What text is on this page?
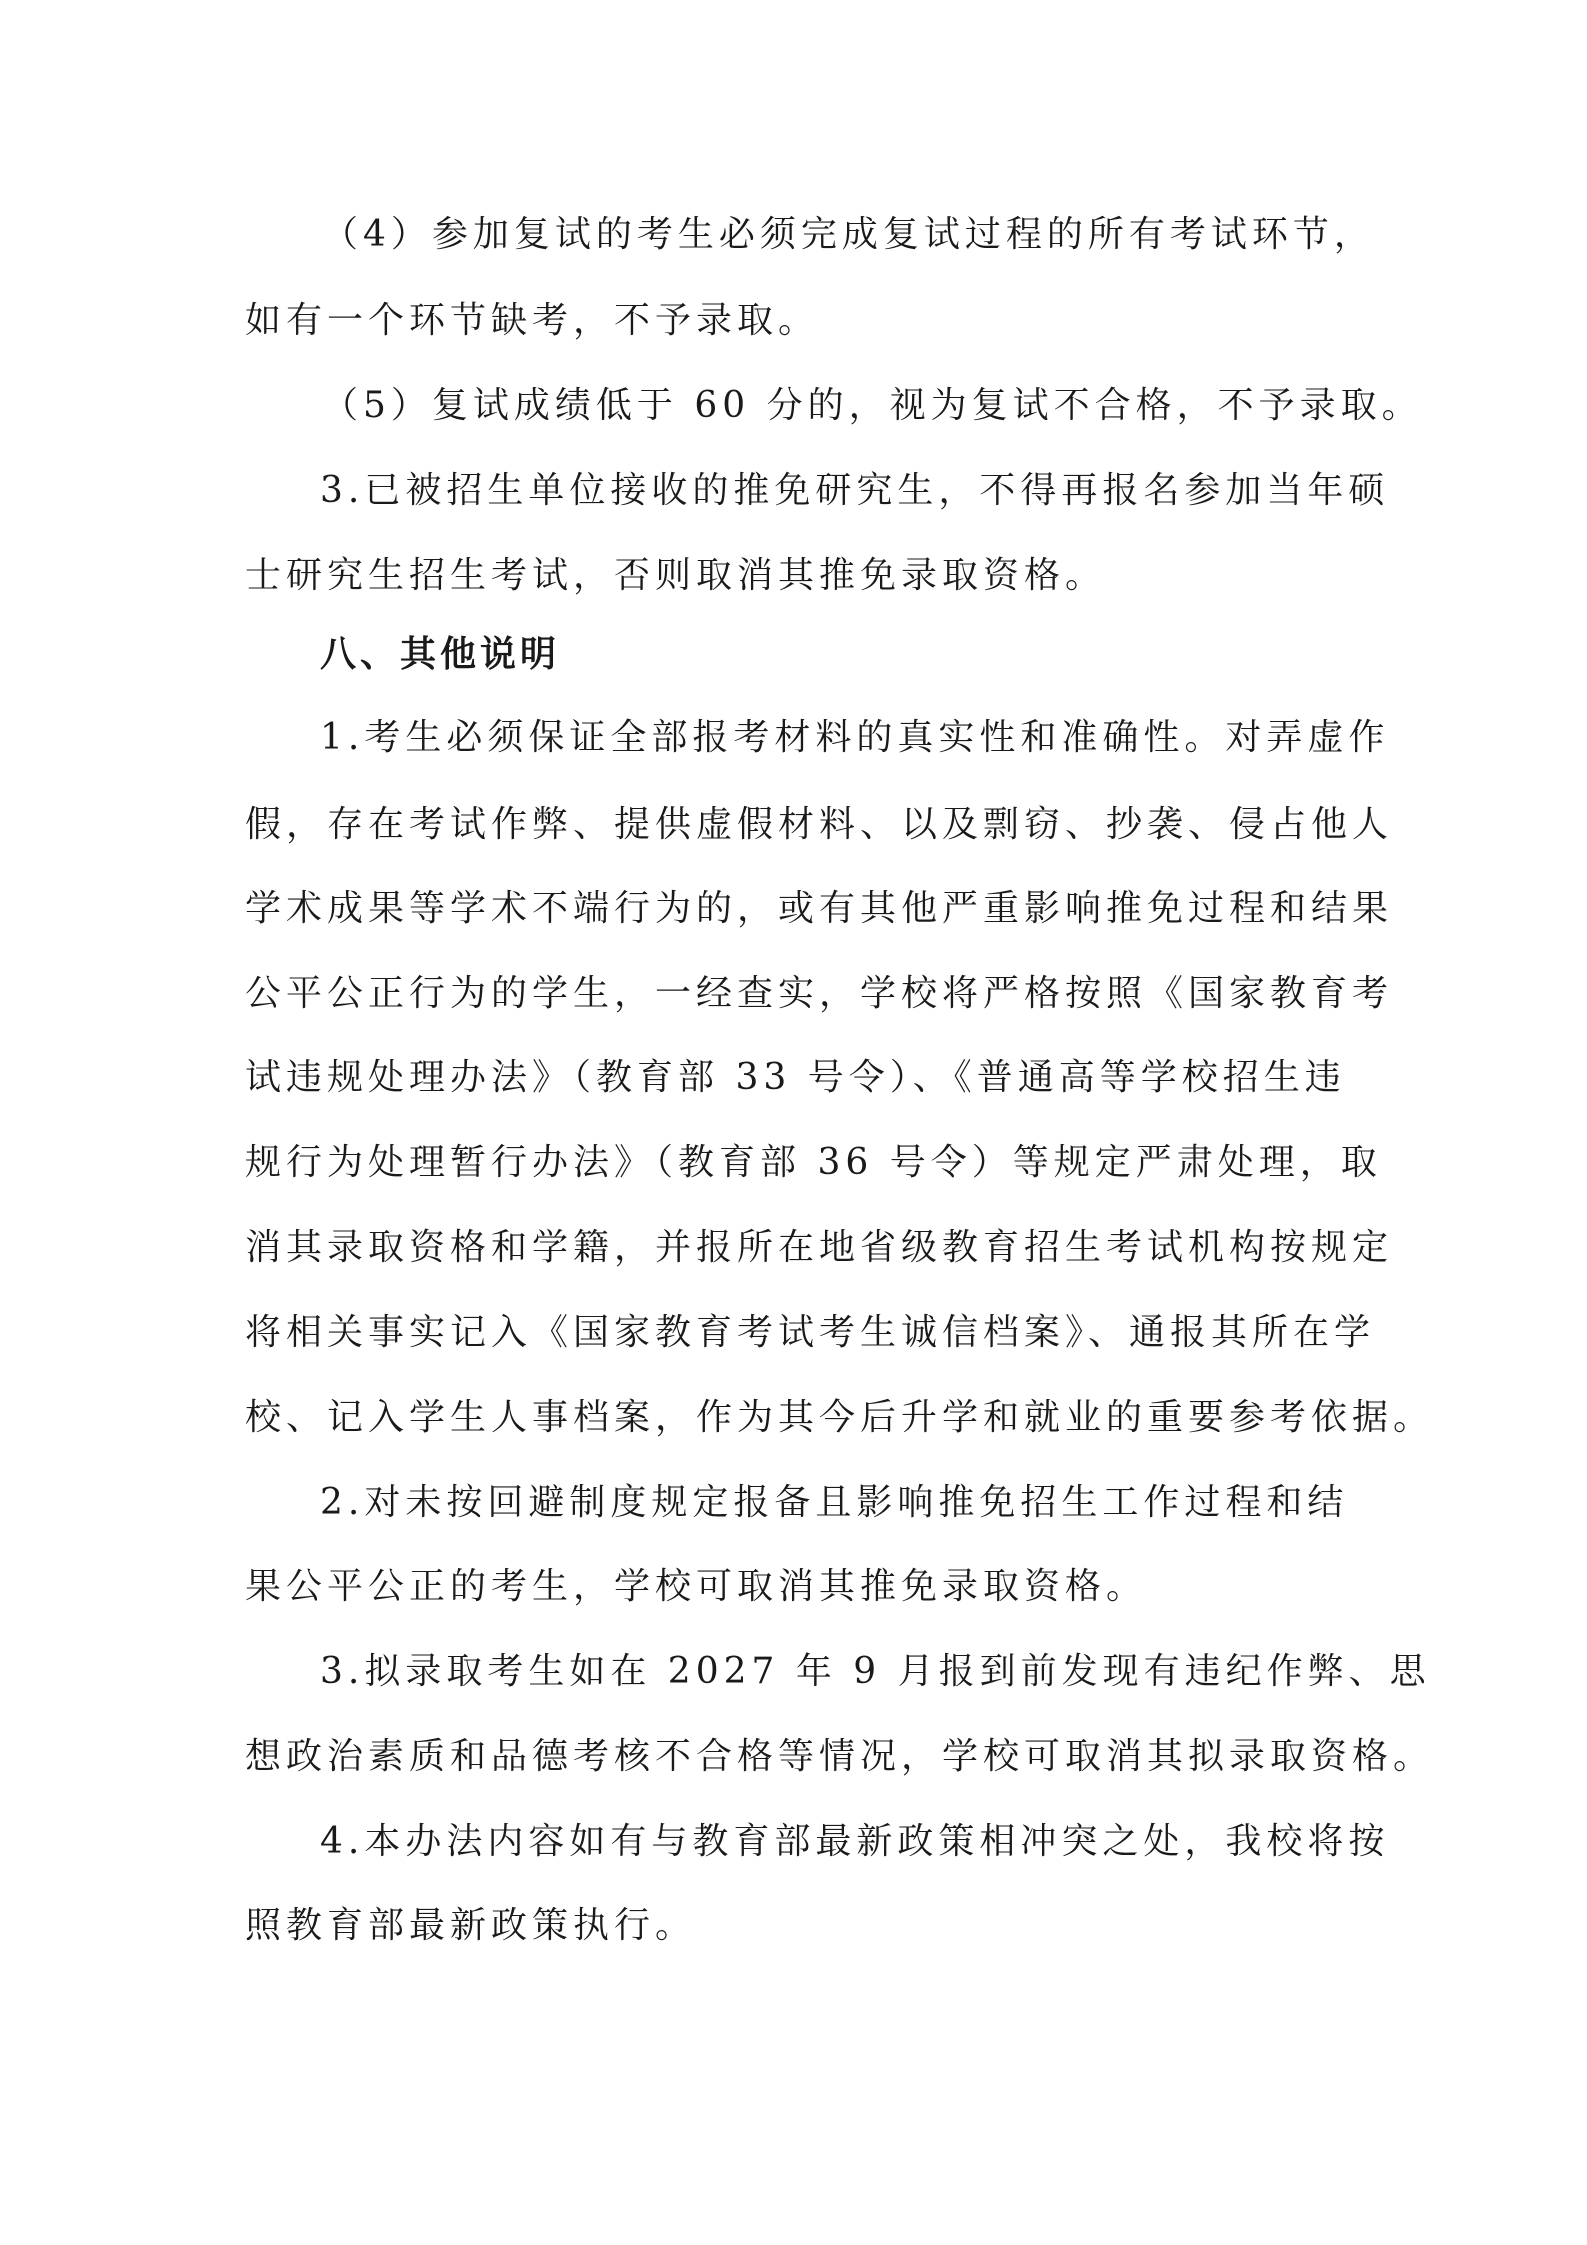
（4）参加复试的考生必须完成复试过程的所有考试环节，
如有一个环节缺考，不予录取。
（5）复试成绩低于 60 分的，视为复试不合格，不予录取。
3.已被招生单位接收的推免研究生，不得再报名参加当年硕
士研究生招生考试，否则取消其推免录取资格。
八、其他说明
1.考生必须保证全部报考材料的真实性和准确性。对弄虚作
假，存在考试作弊、提供虚假材料、以及剽窃、抄袭、侵占他人
学术成果等学术不端行为的，或有其他严重影响推免过程和结果
公平公正行为的学生，一经查实，学校将严格按照《国家教育考
试违规处理办法》（教育部 33 号令）、《普通高等学校招生违
规行为处理暂行办法》（教育部 36 号令）等规定严肃处理，取
消其录取资格和学籍，并报所在地省级教育招生考试机构按规定
将相关事实记入《国家教育考试考生诚信档案》、通报其所在学
校、记入学生人事档案，作为其今后升学和就业的重要参考依据。
2.对未按回避制度规定报备且影响推免招生工作过程和结
果公平公正的考生，学校可取消其推免录取资格。
3.拟录取考生如在 2027 年 9 月报到前发现有违纪作弊、思
想政治素质和品德考核不合格等情况，学校可取消其拟录取资格。
4.本办法内容如有与教育部最新政策相冲突之处，我校将按
照教育部最新政策执行。
